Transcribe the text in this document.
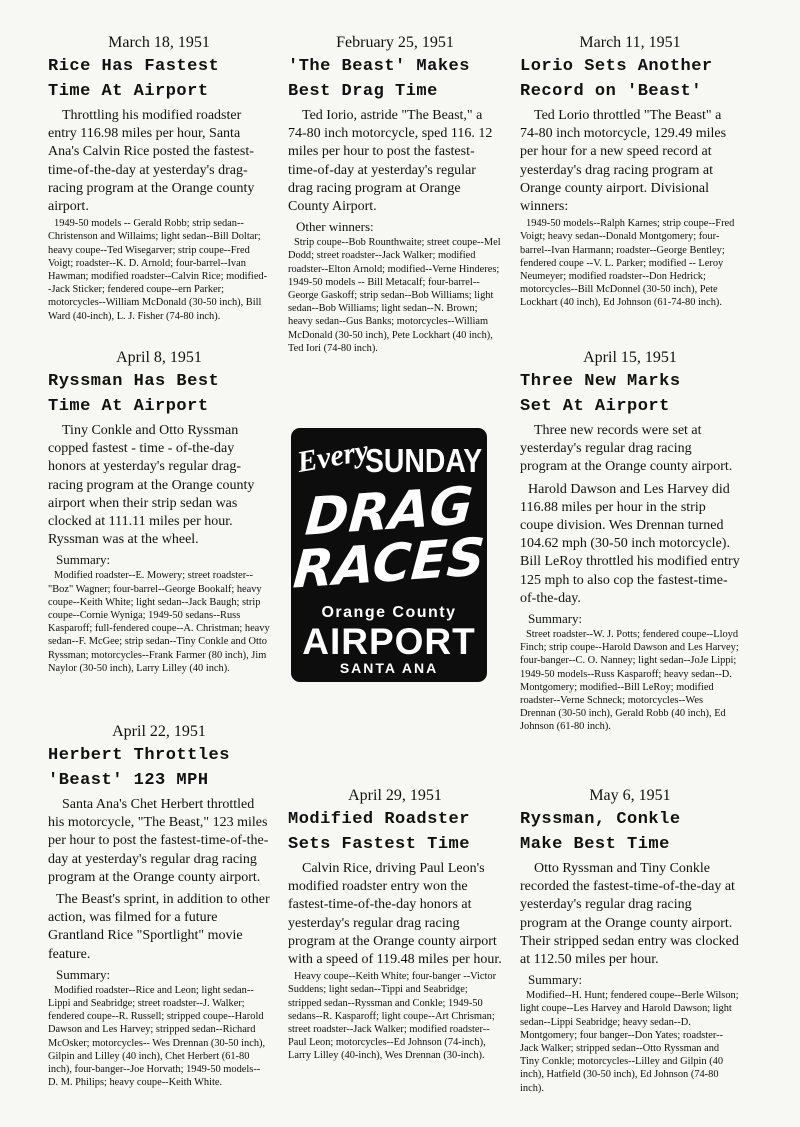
March 18, 1951
Rice Has Fastest
Time At Airport

Throttling his modified roadster entry 116.98 miles per hour, Santa Ana's Calvin Rice posted the fastest-time-of-the-day at yesterday's drag-racing program at the Orange county airport.

1949-50 models -- Gerald Robb; strip sedan--Christenson and Willaims; light sedan--Bill Doltar; heavy coupe--Ted Wisegarver; strip coupe--Fred Voigt; roadster--K. D. Arnold; four-barrel--Ivan Hawman; modified roadster--Calvin Rice; modified--Jack Sticker; fendered coupe--ern Parker; motorcycles--William McDonald (30-50 inch), Bill Ward (40-inch), L. J. Fisher (74-80 inch).

April 8, 1951
Ryssman Has Best
Time At Airport

Tiny Conkle and Otto Ryssman copped fastest - time - of-the-day honors at yesterday's regular drag-racing program at the Orange county airport when their strip sedan was clocked at 111.11 miles per hour. Ryssman was at the wheel.

Summary:

Modified roadster--E. Mowery; street roadster--"Boz" Wagner; four-barrel--George Bookalf; heavy coupe--Keith White; light sedan--Jack Baugh; strip coupe--Cornie Wyniga; 1949-50 sedans--Russ Kasparoff; full-fendered coupe--A. Christman; heavy sedan--F. McGee; strip sedan--Tiny Conkle and Otto Ryssman; motorcycles--Frank Farmer (80 inch), Jim Naylor (30-50 inch), Larry Lilley (40 inch).

April 22, 1951
Herbert Throttles
'Beast' 123 MPH

Santa Ana's Chet Herbert throttled his motorcycle, "The Beast," 123 miles per hour to post the fastest-time-of-the-day at yesterday's regular drag racing program at the Orange county airport.

The Beast's sprint, in addition to other action, was filmed for a future Grantland Rice "Sportlight" movie feature.

Summary:

Modified roadster--Rice and Leon; light sedan--Lippi and Seabridge; street roadster--J. Walker; fendered coupe--R. Russell; stripped coupe--Harold Dawson and Les Harvey; stripped sedan--Richard McOsker; motorcycles-- Wes Drennan (30-50 inch), Gilpin and Lilley (40 inch), Chet Herbert (61-80 inch), four-banger--Joe Horvath; 1949-50 models-- D. M. Philips; heavy coupe--Keith White.

February 25, 1951
'The Beast' Makes
Best Drag Time

Ted Iorio, astride "The Beast," a 74-80 inch motorcycle, sped 116. 12 miles per hour to post the fastest-time-of-day at yesterday's regular drag racing program at Orange County Airport.

Other winners:

Strip coupe--Bob Rounthwaite; street coupe--Mel Dodd; street roadster--Jack Walker; modified roadster--Elton Arnold; modified--Verne Hinderes; 1949-50 models -- Bill Metacalf; four-barrel--George Gaskoff; strip sedan--Bob Williams; light sedan--Bob Williams; light sedan--N. Brown; heavy sedan--Gus Banks; motorcycles--William McDonald (30-50 inch), Pete Lockhart (40 inch), Ted Iori (74-80 inch).

April 29, 1951
Modified Roadster
Sets Fastest Time

Calvin Rice, driving Paul Leon's modified roadster entry won the fastest-time-of-the-day honors at yesterday's regular drag racing program at the Orange county airport with a speed of 119.48 miles per hour.

Heavy coupe--Keith White; four-banger --Victor Suddens; light sedan--Tippi and Seabridge; stripped sedan--Ryssman and Conkle; 1949-50 sedans--R. Kasparoff; light coupe--Art Chrisman; street roadster--Jack Walker; modified roadster--Paul Leon; motorcycles--Ed Johnson (74-inch), Larry Lilley (40-inch), Wes Drennan (30-inch).

Every
SUNDAY
DRAG
RACES
Orange County
AIRPORT
SANTA ANA
March 11, 1951
Lorio Sets Another
Record on 'Beast'

Ted Lorio throttled "The Beast" a 74-80 inch motorcycle, 129.49 miles per hour for a new speed record at yesterday's drag racing program at Orange county airport. Divisional winners:

1949-50 models--Ralph Karnes; strip coupe--Fred Voigt; heavy sedan--Donald Montgomery; four-barrel--Ivan Harmann; roadster--George Bentley; fendered coupe --V. L. Parker; modified -- Leroy Neumeyer; modified roadster--Don Hedrick; motorcycles--Bill McDonnel (30-50 inch), Pete Lockhart (40 inch), Ed Johnson (61-74-80 inch).

April 15, 1951
Three New Marks
Set At Airport

Three new records were set at yesterday's regular drag racing program at the Orange county airport.

Harold Dawson and Les Harvey did 116.88 miles per hour in the strip coupe division. Wes Drennan turned 104.62 mph (30-50 inch motorcycle). Bill LeRoy throttled his modified entry 125 mph to also cop the fastest-time-of-the-day.

Summary:

Street roadster--W. J. Potts; fendered coupe--Lloyd Finch; strip coupe--Harold Dawson and Les Harvey; four-banger--C. O. Nanney; light sedan--JoJe Lippi; 1949-50 models--Russ Kasparoff; heavy sedan--D. Montgomery; modified--Bill LeRoy; modified roadster--Verne Schneck; motorcycles--Wes Drennan (30-50 inch), Gerald Robb (40 inch), Ed Johnson (61-80 inch).

May 6, 1951
Ryssman, Conkle
Make Best Time

Otto Ryssman and Tiny Conkle recorded the fastest-time-of-the-day at yesterday's regular drag racing program at the Orange county airport. Their stripped sedan entry was clocked at 112.50 miles per hour.

Summary:

Modified--H. Hunt; fendered coupe--Berle Wilson; light coupe--Les Harvey and Harold Dawson; light sedan--Lippi Seabridge; heavy sedan--D. Montgomery; four banger--Don Yates; roadster--Jack Walker; stripped sedan--Otto Ryssman and Tiny Conkle; motorcycles--Lilley and Gilpin (40 inch), Hatfield (30-50 inch), Ed Johnson (74-80 inch).
